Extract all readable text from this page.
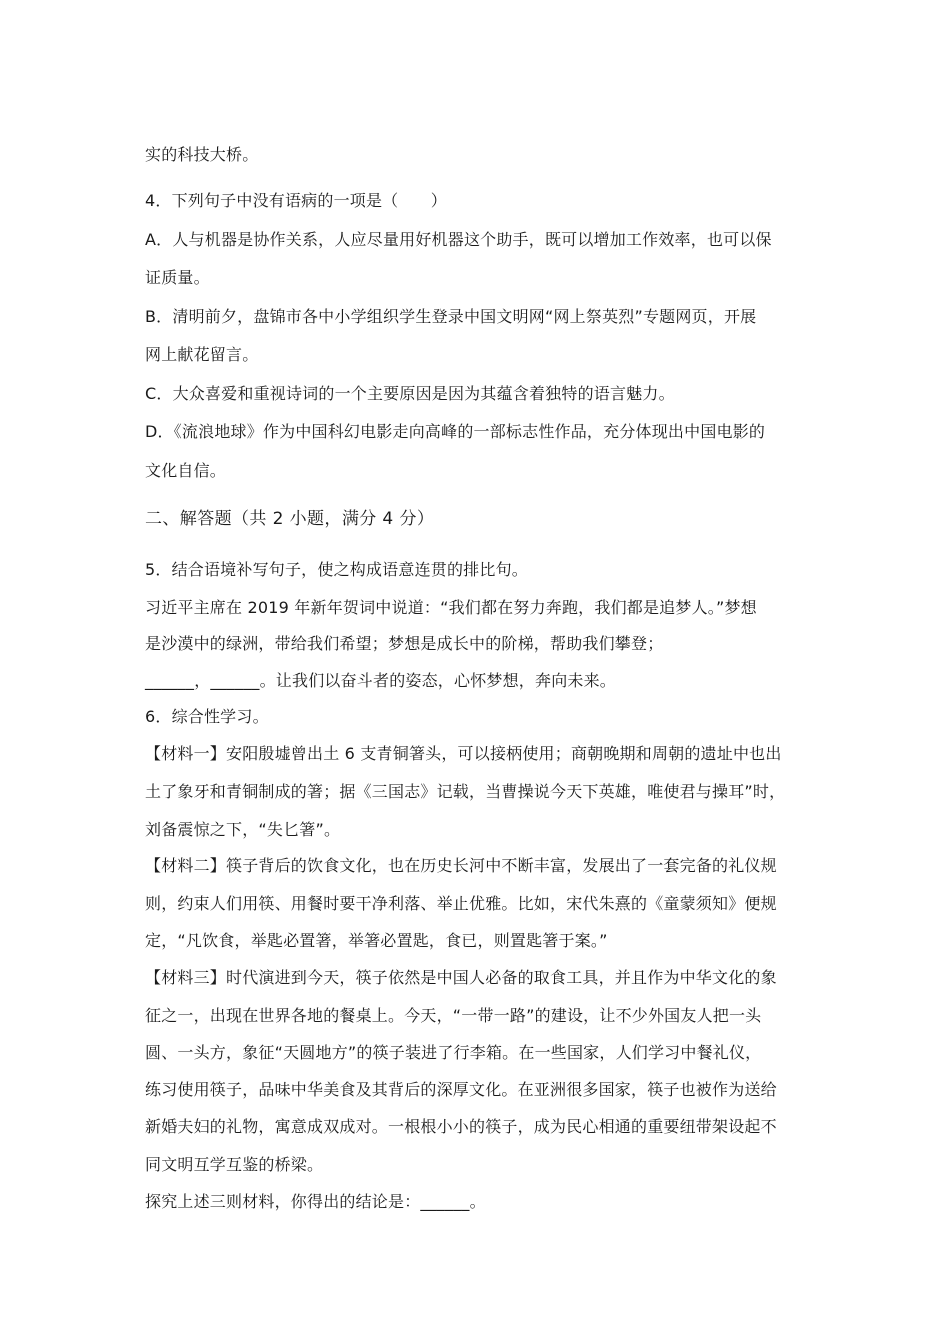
实的科技大桥。
4．下列句子中没有语病的一项是（　　）
A．人与机器是协作关系，人应尽量用好机器这个助手，既可以增加工作效率，也可以保
证质量。
B．清明前夕，盘锦市各中小学组织学生登录中国文明网“网上祭英烈”专题网页，开展
网上献花留言。
C．大众喜爱和重视诗词的一个主要原因是因为其蕴含着独特的语言魅力。
D．《流浪地球》作为中国科幻电影走向高峰的一部标志性作品，充分体现出中国电影的
文化自信。
二、解答题（共 2 小题，满分 4 分）
5．结合语境补写句子，使之构成语意连贯的排比句。
习近平主席在 2019 年新年贺词中说道：“我们都在努力奔跑，我们都是追梦人。”梦想
是沙漠中的绿洲，带给我们希望；梦想是成长中的阶梯，帮助我们攀登；
______，______。让我们以奋斗者的姿态，心怀梦想，奔向未来。
6．综合性学习。
【材料一】安阳殷墟曾出土 6 支青铜箸头，可以接柄使用；商朝晚期和周朝的遗址中也出
土了象牙和青铜制成的箸；据《三国志》记载，当曹操说今天下英雄，唯使君与操耳”时，
刘备震惊之下，“失匕箸”。
【材料二】筷子背后的饮食文化，也在历史长河中不断丰富，发展出了一套完备的礼仪规
则，约束人们用筷、用餐时要干净利落、举止优雅。比如，宋代朱熹的《童蒙须知》便规
定，“凡饮食，举匙必置箸，举箸必置匙，食已，则置匙箸于案。”
【材料三】时代演进到今天，筷子依然是中国人必备的取食工具，并且作为中华文化的象
征之一，出现在世界各地的餐桌上。今天，“一带一路”的建设，让不少外国友人把一头
圆、一头方，象征“天圆地方”的筷子装进了行李箱。在一些国家，人们学习中餐礼仪，
练习使用筷子，品味中华美食及其背后的深厚文化。在亚洲很多国家，筷子也被作为送给
新婚夫妇的礼物，寓意成双成对。一根根小小的筷子，成为民心相通的重要纽带架设起不
同文明互学互鉴的桥梁。
探究上述三则材料，你得出的结论是：______。
